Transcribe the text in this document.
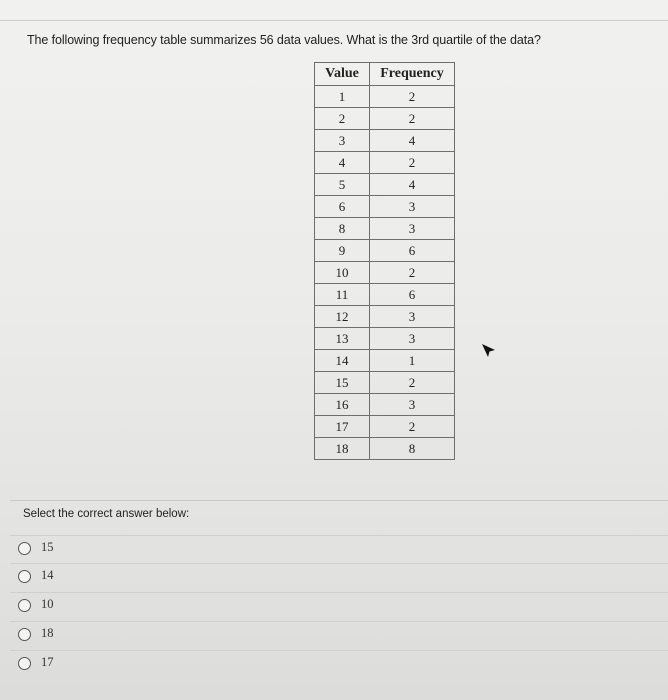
The following frequency table summarizes 56 data values. What is the 3rd quartile of the data?
Value	Frequency
1	2
2	2
3	4
4	2
5	4
6	3
8	3
9	6
10	2
11	6
12	3
13	3
14	1
15	2
16	3
17	2
18	8
Select the correct answer below:
15
14
10
18
17
